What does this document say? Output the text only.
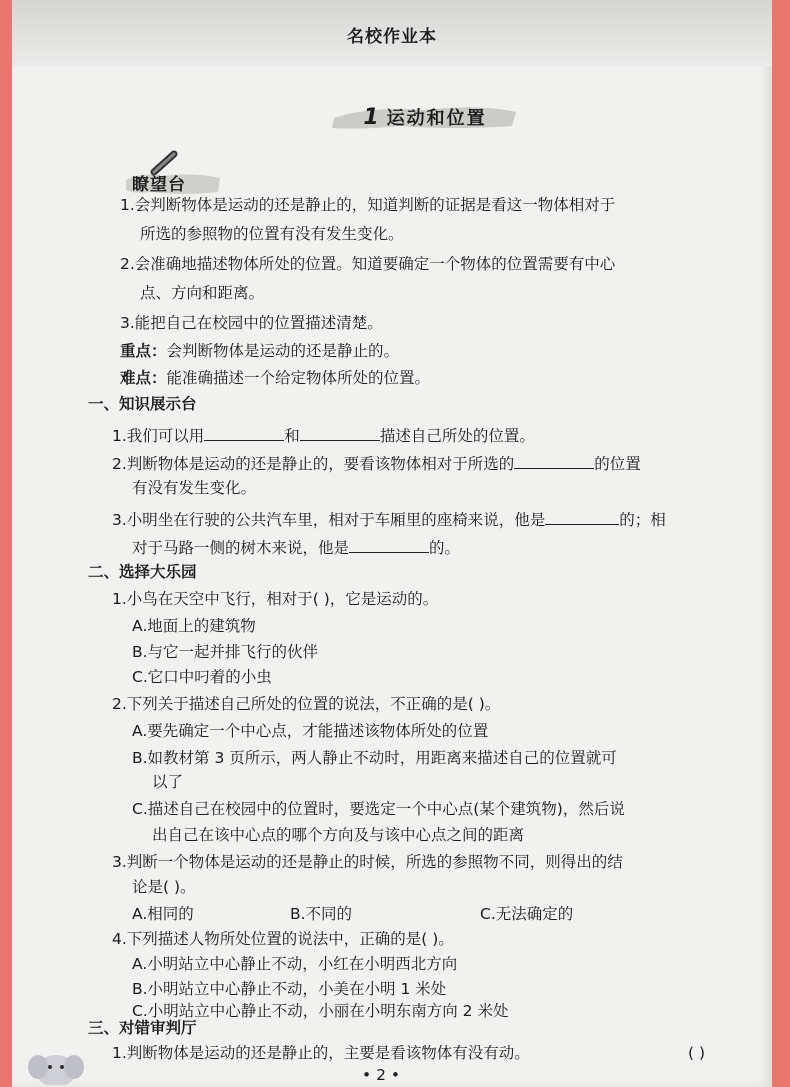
名校作业本
1 运动和位置
瞭望台
1.会判断物体是运动的还是静止的，知道判断的证据是看这一物体相对于
所选的参照物的位置有没有发生变化。
2.会准确地描述物体所处的位置。知道要确定一个物体的位置需要有中心
点、方向和距离。
3.能把自己在校园中的位置描述清楚。
重点：会判断物体是运动的还是静止的。
难点：能准确描述一个给定物体所处的位置。
一、知识展示台
1.我们可以用	和	描述自己所处的位置。
2.判断物体是运动的还是静止的，要看该物体相对于所选的	的位置
有没有发生变化。
3.小明坐在行驶的公共汽车里，相对于车厢里的座椅来说，他是	的；相
对于马路一侧的树木来说，他是	的。
二、选择大乐园
1.小鸟在天空中飞行，相对于( )，它是运动的。
A.地面上的建筑物
B.与它一起并排飞行的伙伴
C.它口中叼着的小虫
2.下列关于描述自己所处的位置的说法，不正确的是( )。
A.要先确定一个中心点，才能描述该物体所处的位置
B.如教材第 3 页所示，两人静止不动时，用距离来描述自己的位置就可
以了
C.描述自己在校园中的位置时，要选定一个中心点(某个建筑物)，然后说
出自己在该中心点的哪个方向及与该中心点之间的距离
3.判断一个物体是运动的还是静止的时候，所选的参照物不同，则得出的结
论是( )。
A.相同的	B.不同的	C.无法确定的
4.下列描述人物所处位置的说法中，正确的是( )。
A.小明站立中心静止不动，小红在小明西北方向
B.小明站立中心静止不动，小美在小明 1 米处
C.小明站立中心静止不动，小丽在小明东南方向 2 米处
三、对错审判厅
1.判断物体是运动的还是静止的，主要是看该物体有没有动。	( )
• 2 •
